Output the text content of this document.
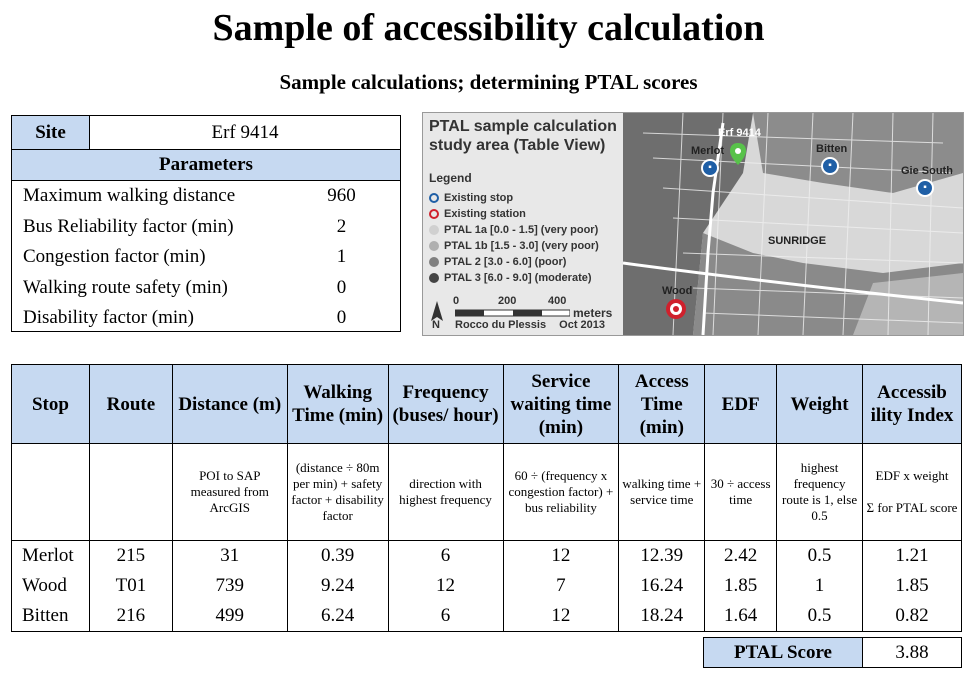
Sample of accessibility calculation
Sample calculations; determining PTAL scores
Site	Erf 9414
Parameters
Maximum walking distance	960
Bus Reliability factor (min)	2
Congestion factor (min)	1
Walking route safety (min)	0
Disability factor (min)	0
PTAL sample calculation study area (Table View)
Legend
Existing stop
Existing station
PTAL 1a [0.0 - 1.5] (very poor)
PTAL 1b [1.5 - 3.0] (very poor)
PTAL 2 [3.0 - 6.0] (poor)
PTAL 3 [6.0 - 9.0] (moderate)
N
0	200	400
meters
Rocco du Plessis Oct 2013
Erf 9414
Merlot
▪
Bitten
▪	Gie South
▪
SUNRIDGE
Wood
Stop	Route	Distance (m)	Walking Time (min)	Frequency (buses/ hour)	Service waiting time (min)	Access Time (min)	EDF	Weight	Accessib ility Index
		POI to SAP measured from ArcGIS	(distance ÷ 80m per min) + safety factor + disability factor	direction with highest frequency	60 ÷ (frequency x congestion factor) + bus reliability	walking time + service time	30 ÷ access time	highest frequency route is 1, else 0.5	EDF x weight

Σ for PTAL score
Merlot	215	31	0.39	6	12	12.39	2.42	0.5	1.21
Wood	T01	739	9.24	12	7	16.24	1.85	1	1.85
Bitten	216	499	6.24	6	12	18.24	1.64	0.5	0.82
PTAL Score	3.88
